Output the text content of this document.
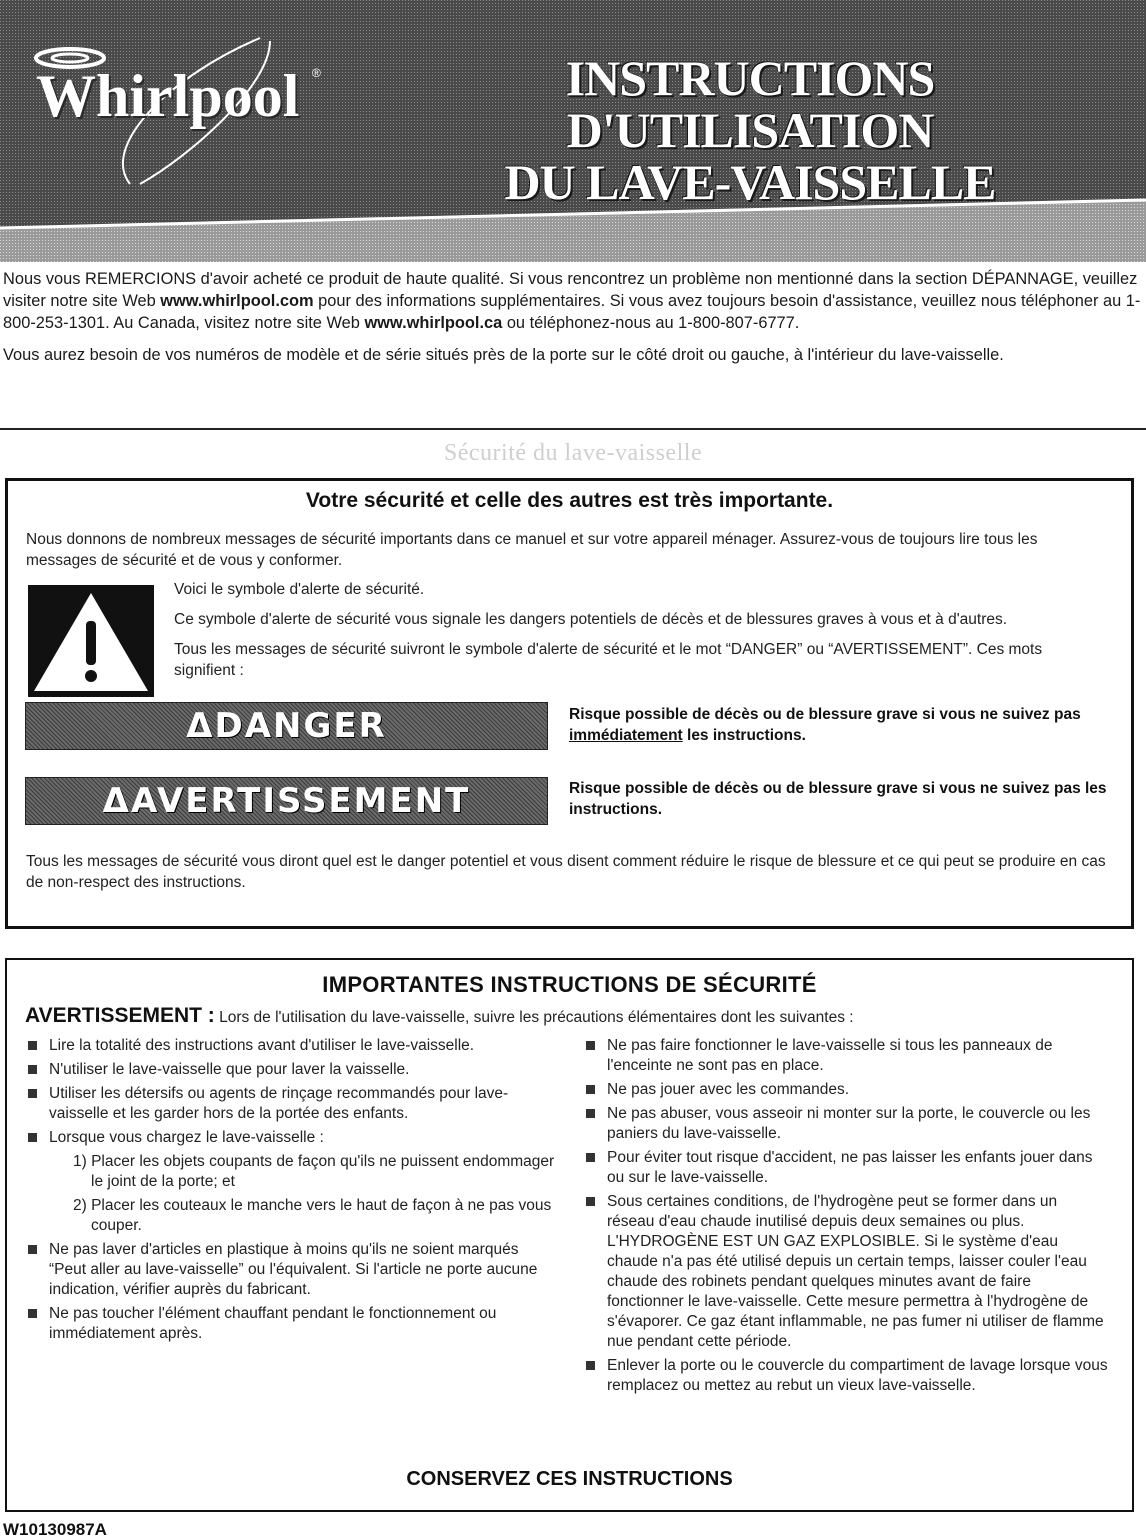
Whirlpool ®	INSTRUCTIONS D'UTILISATION
DU LAVE-VAISSELLE

Nous vous REMERCIONS d'avoir acheté ce produit de haute qualité. Si vous rencontrez un problème non mentionné dans la section DÉPANNAGE, veuillez visiter notre site Web www.whirlpool.com pour des informations supplémentaires. Si vous avez toujours besoin d'assistance, veuillez nous téléphoner au 1-800-253-1301. Au Canada, visitez notre site Web www.whirlpool.ca ou téléphonez-nous au 1-800-807-6777.

Vous aurez besoin de vos numéros de modèle et de série situés près de la porte sur le côté droit ou gauche, à l'intérieur du lave-vaisselle.

Sécurité du lave-vaisselle
Votre sécurité et celle des autres est très importante.
Nous donnons de nombreux messages de sécurité importants dans ce manuel et sur votre appareil ménager. Assurez-vous de toujours lire tous les messages de sécurité et de vous y conformer.

Voici le symbole d'alerte de sécurité.

Ce symbole d'alerte de sécurité vous signale les dangers potentiels de décès et de blessures graves à vous et à d'autres.

Tous les messages de sécurité suivront le symbole d'alerte de sécurité et le mot “DANGER” ou “AVERTISSEMENT”. Ces mots signifient :

ΔDANGER	Risque possible de décès ou de blessure grave si vous ne suivez pas immédiatement les instructions.
ΔAVERTISSEMENT	Risque possible de décès ou de blessure grave si vous ne suivez pas les instructions.
Tous les messages de sécurité vous diront quel est le danger potentiel et vous disent comment réduire le risque de blessure et ce qui peut se produire en cas de non-respect des instructions.
IMPORTANTES INSTRUCTIONS DE SÉCURITÉ
AVERTISSEMENT : Lors de l'utilisation du lave-vaisselle, suivre les précautions élémentaires dont les suivantes :
Lire la totalité des instructions avant d'utiliser le lave-vaisselle.
N'utiliser le lave-vaisselle que pour laver la vaisselle.
Utiliser les détersifs ou agents de rinçage recommandés pour lave-vaisselle et les garder hors de la portée des enfants.
Lorsque vous chargez le lave-vaisselle :
1) Placer les objets coupants de façon qu'ils ne puissent endommager le joint de la porte; et
2) Placer les couteaux le manche vers le haut de façon à ne pas vous couper.
Ne pas laver d'articles en plastique à moins qu'ils ne soient marqués “Peut aller au lave-vaisselle” ou l'équivalent. Si l'article ne porte aucune indication, vérifier auprès du fabricant.
Ne pas toucher l'élément chauffant pendant le fonctionnement ou immédiatement après.
Ne pas faire fonctionner le lave-vaisselle si tous les panneaux de l'enceinte ne sont pas en place.
Ne pas jouer avec les commandes.
Ne pas abuser, vous asseoir ni monter sur la porte, le couvercle ou les paniers du lave-vaisselle.
Pour éviter tout risque d'accident, ne pas laisser les enfants jouer dans ou sur le lave-vaisselle.
Sous certaines conditions, de l'hydrogène peut se former dans un réseau d'eau chaude inutilisé depuis deux semaines ou plus. L'HYDROGÈNE EST UN GAZ EXPLOSIBLE. Si le système d'eau chaude n'a pas été utilisé depuis un certain temps, laisser couler l'eau chaude des robinets pendant quelques minutes avant de faire fonctionner le lave-vaisselle. Cette mesure permettra à l'hydrogène de s'évaporer. Ce gaz étant inflammable, ne pas fumer ni utiliser de flamme nue pendant cette période.
Enlever la porte ou le couvercle du compartiment de lavage lorsque vous remplacez ou mettez au rebut un vieux lave-vaisselle.
CONSERVEZ CES INSTRUCTIONS
W10130987A
